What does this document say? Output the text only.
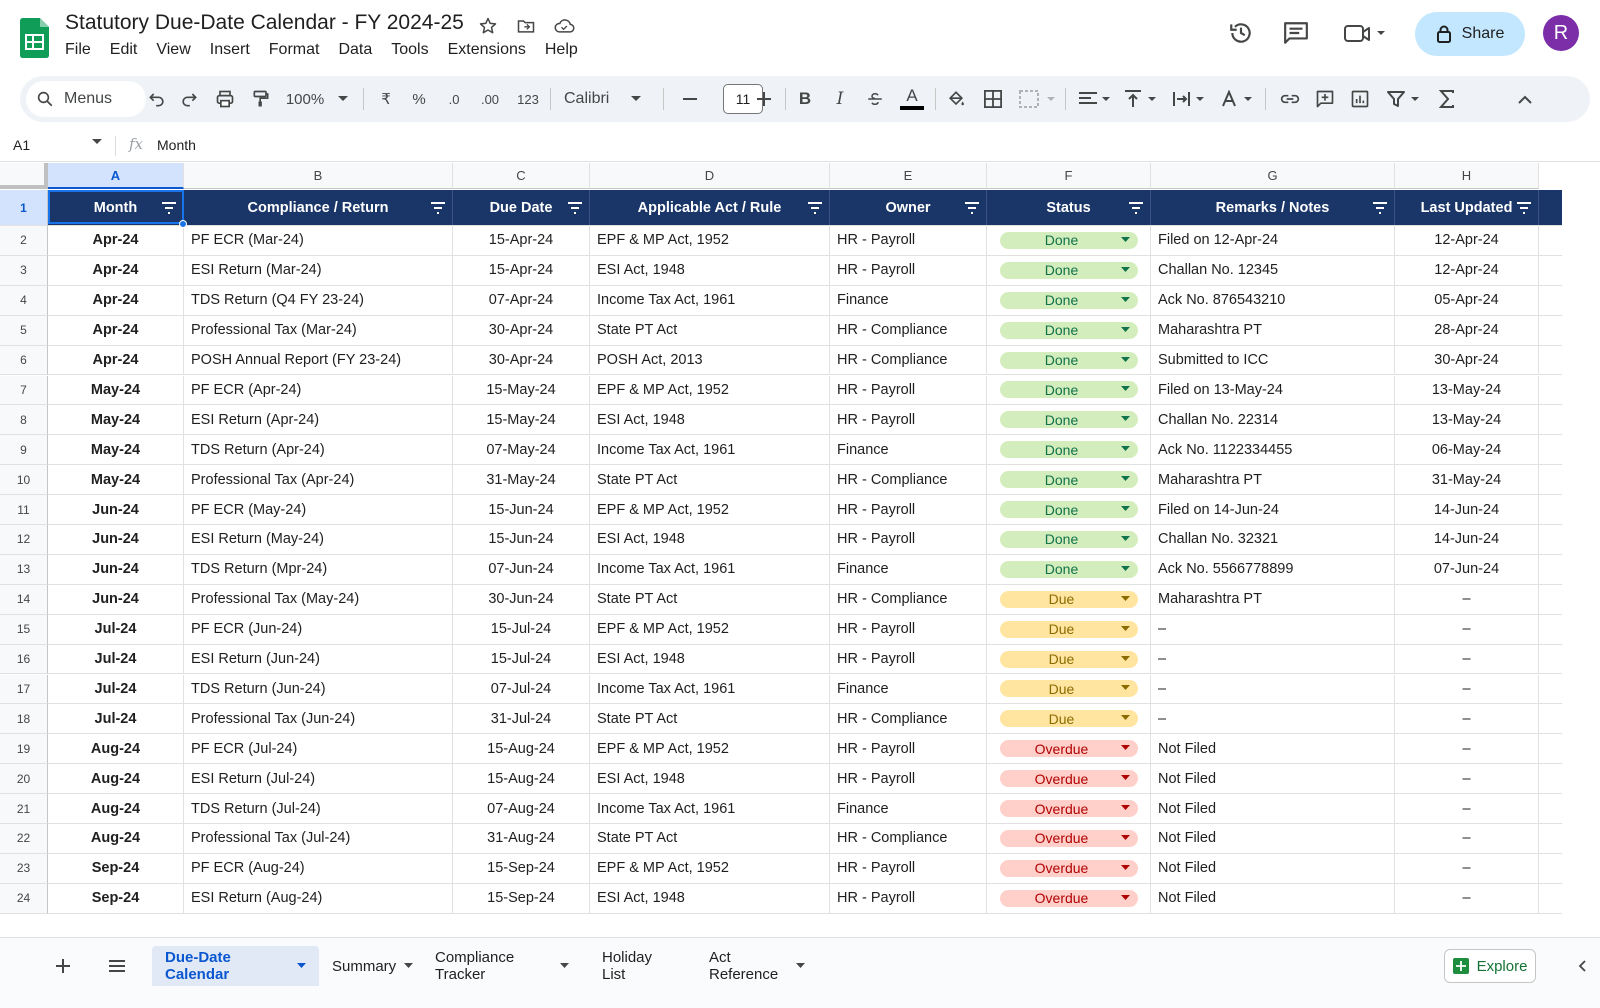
Statutory Due-Date Calendar - FY 2024-25
File Edit View Insert Format Data Tools Extensions Help
Share	R
Menus	100%	₹ %	.0	.00	123 Calibri	11	B	I	A
A1	fx Month
A	B	C	D	E	F	G	H
1	Month	Compliance / Return	Due Date	Applicable Act / Rule	Owner	Status	Remarks / Notes	Last Updated
2	Apr-24	PF ECR (Mar-24)	15-Apr-24	EPF & MP Act, 1952	HR - Payroll	Done	Filed on 12-Apr-24	12-Apr-24
3	Apr-24	ESI Return (Mar-24)	15-Apr-24	ESI Act, 1948	HR - Payroll	Done	Challan No. 12345	12-Apr-24
4	Apr-24	TDS Return (Q4 FY 23-24)	07-Apr-24	Income Tax Act, 1961	Finance	Done	Ack No. 876543210	05-Apr-24
5	Apr-24	Professional Tax (Mar-24)	30-Apr-24	State PT Act	HR - Compliance	Done	Maharashtra PT	28-Apr-24
6	Apr-24	POSH Annual Report (FY 23-24)	30-Apr-24	POSH Act, 2013	HR - Compliance	Done	Submitted to ICC	30-Apr-24
7	May-24	PF ECR (Apr-24)	15-May-24	EPF & MP Act, 1952	HR - Payroll	Done	Filed on 13-May-24	13-May-24
8	May-24	ESI Return (Apr-24)	15-May-24	ESI Act, 1948	HR - Payroll	Done	Challan No. 22314	13-May-24
9	May-24	TDS Return (Apr-24)	07-May-24	Income Tax Act, 1961	Finance	Done	Ack No. 1122334455	06-May-24
10	May-24	Professional Tax (Apr-24)	31-May-24	State PT Act	HR - Compliance	Done	Maharashtra PT	31-May-24
11	Jun-24	PF ECR (May-24)	15-Jun-24	EPF & MP Act, 1952	HR - Payroll	Done	Filed on 14-Jun-24	14-Jun-24
12	Jun-24	ESI Return (May-24)	15-Jun-24	ESI Act, 1948	HR - Payroll	Done	Challan No. 32321	14-Jun-24
13	Jun-24	TDS Return (Mpr-24)	07-Jun-24	Income Tax Act, 1961	Finance	Done	Ack No. 5566778899	07-Jun-24
14	Jun-24	Professional Tax (May-24)	30-Jun-24	State PT Act	HR - Compliance	Due	Maharashtra PT	–
15	Jul-24	PF ECR (Jun-24)	15-Jul-24	EPF & MP Act, 1952	HR - Payroll	Due	–	–
16	Jul-24	ESI Return (Jun-24)	15-Jul-24	ESI Act, 1948	HR - Payroll	Due	–	–
17	Jul-24	TDS Return (Jun-24)	07-Jul-24	Income Tax Act, 1961	Finance	Due	–	–
18	Jul-24	Professional Tax (Jun-24)	31-Jul-24	State PT Act	HR - Compliance	Due	–	–
19	Aug-24	PF ECR (Jul-24)	15-Aug-24	EPF & MP Act, 1952	HR - Payroll	Overdue	Not Filed	–
20	Aug-24	ESI Return (Jul-24)	15-Aug-24	ESI Act, 1948	HR - Payroll	Overdue	Not Filed	–
21	Aug-24	TDS Return (Jul-24)	07-Aug-24	Income Tax Act, 1961	Finance	Overdue	Not Filed	–
22	Aug-24	Professional Tax (Jul-24)	31-Aug-24	State PT Act	HR - Compliance	Overdue	Not Filed	–
23	Sep-24	PF ECR (Aug-24)	15-Sep-24	EPF & MP Act, 1952	HR - Payroll	Overdue	Not Filed	–
24	Sep-24	ESI Return (Aug-24)	15-Sep-24	ESI Act, 1948	HR - Payroll	Overdue	Not Filed	–
Due-Date Calendar	Summary	Compliance Tracker
Holiday List
Act Reference	Explore
